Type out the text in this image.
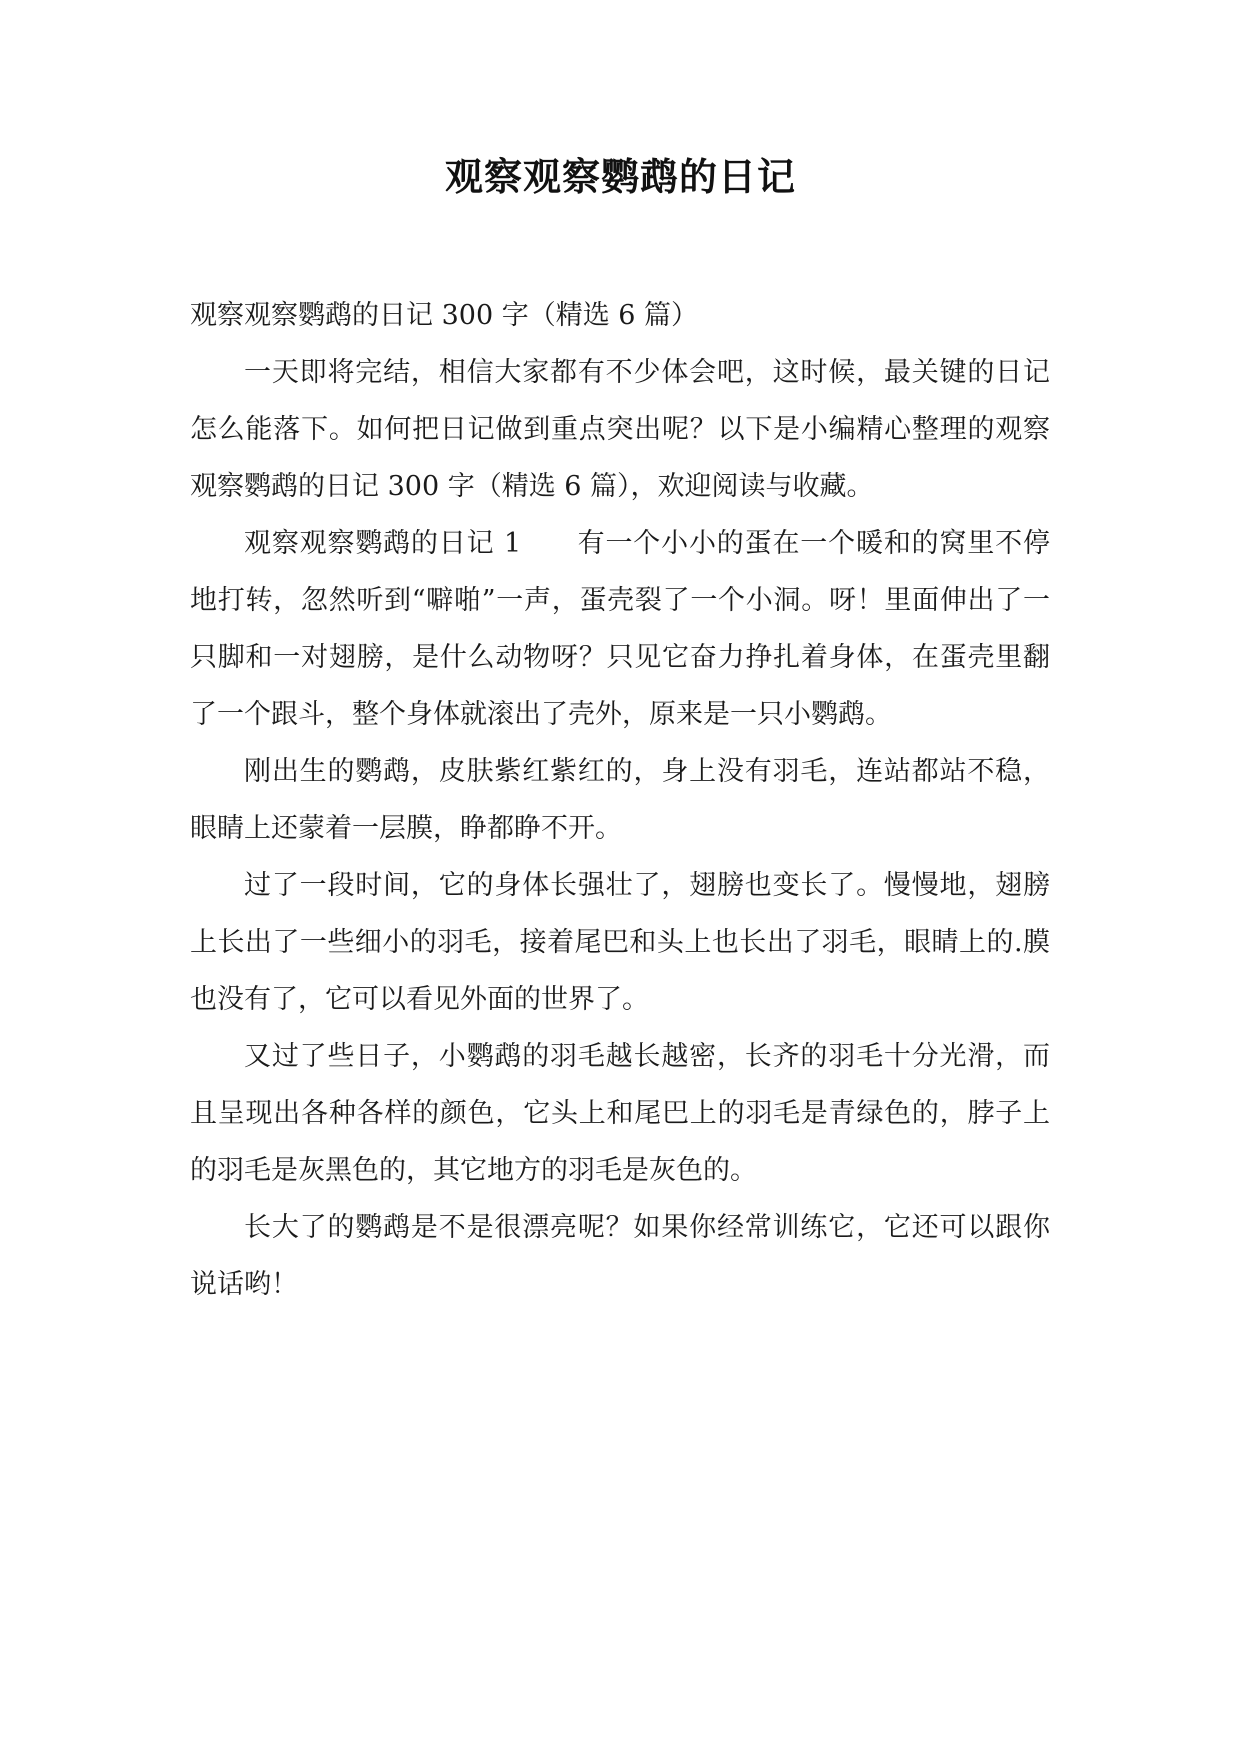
观察观察鹦鹉的日记

观察观察鹦鹉的日记 300 字（精选 6 篇）

一天即将完结，相信大家都有不少体会吧，这时候，最关键的日记怎么能落下。如何把日记做到重点突出呢？以下是小编精心整理的观察观察鹦鹉的日记 300 字（精选 6 篇），欢迎阅读与收藏。

观察观察鹦鹉的日记 1　　有一个小小的蛋在一个暖和的窝里不停地打转，忽然听到“噼啪”一声，蛋壳裂了一个小洞。呀！里面伸出了一只脚和一对翅膀，是什么动物呀？只见它奋力挣扎着身体，在蛋壳里翻了一个跟斗，整个身体就滚出了壳外，原来是一只小鹦鹉。

刚出生的鹦鹉，皮肤紫红紫红的，身上没有羽毛，连站都站不稳，眼睛上还蒙着一层膜，睁都睁不开。

过了一段时间，它的身体长强壮了，翅膀也变长了。慢慢地，翅膀上长出了一些细小的羽毛，接着尾巴和头上也长出了羽毛，眼睛上的.膜也没有了，它可以看见外面的世界了。

又过了些日子，小鹦鹉的羽毛越长越密，长齐的羽毛十分光滑，而且呈现出各种各样的颜色，它头上和尾巴上的羽毛是青绿色的，脖子上的羽毛是灰黑色的，其它地方的羽毛是灰色的。

长大了的鹦鹉是不是很漂亮呢？如果你经常训练它，它还可以跟你说话哟！
